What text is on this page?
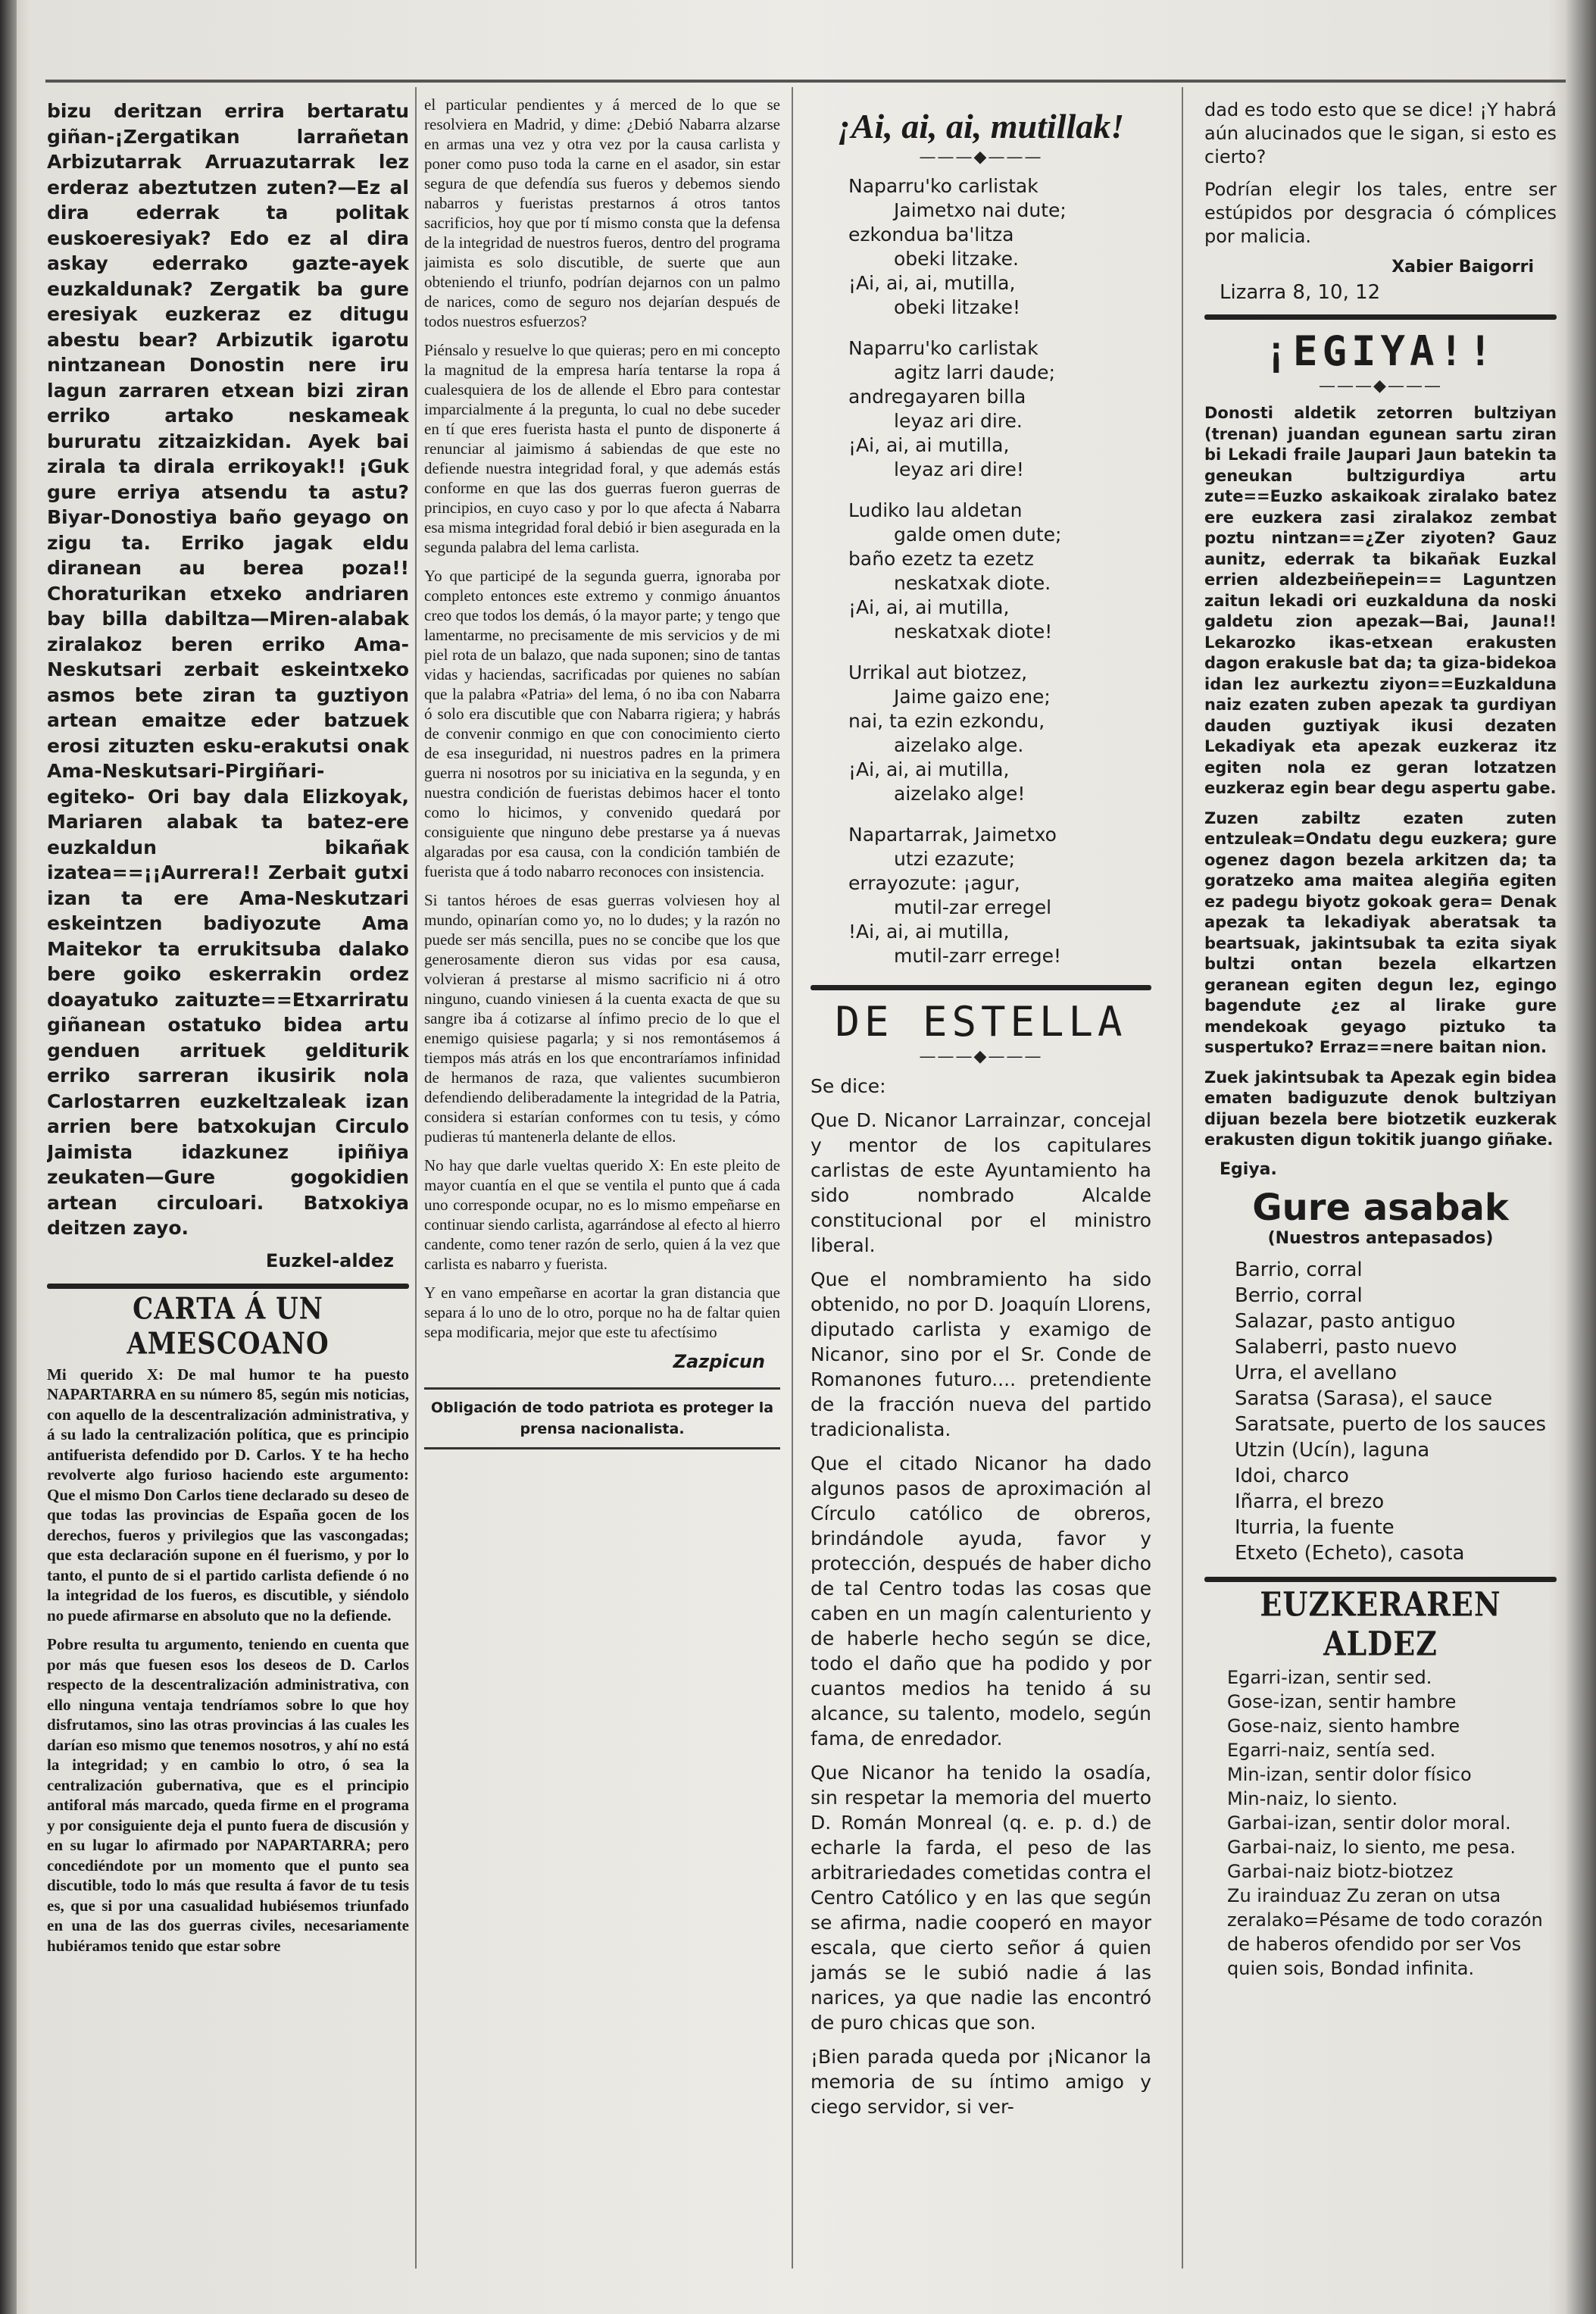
bizu deritzan errira bertaratu giñan-¡Zergatikan larrañetan Arbizutarrak Arruazutarrak lez erderaz abeztutzen zuten?—Ez al dira ederrak ta politak euskoeresiyak? Edo ez al dira askay ederrako gazte-ayek euzkaldunak? Zergatik ba gure eresiyak euzkeraz ez ditugu abestu bear? Arbizutik igarotu nintzanean Donostin nere iru lagun zarraren etxean bizi ziran erriko artako neskameak bururatu zitzaizkidan. Ayek bai zirala ta dirala errikoyak!! ¡Guk gure erriya atsendu ta astu? Biyar-Donostiya baño geyago on zigu ta. Erriko jagak eldu diranean au berea poza!! Choraturikan etxeko andriaren bay billa dabiltza—Miren-alabak ziralakoz beren erriko Ama-Neskutsari zerbait eskeintxeko asmos bete ziran ta guztiyon artean emaitze eder batzuek erosi zituzten esku-erakutsi onak Ama-Neskutsari-Pirgiñari-egiteko- Ori bay dala Elizkoyak, Mariaren alabak ta batez-ere euzkaldun bikañak izatea==¡¡Aurrera!! Zerbait gutxi izan ta ere Ama-Neskutzari eskeintzen badiyozute Ama Maitekor ta errukitsuba dalako bere goiko eskerrakin ordez doayatuko zaituzte==Etxarriratu giñanean ostatuko bidea artu genduen arrituek gelditurik erriko sarreran ikusirik nola Carlostarren euzkeltzaleak izan arrien bere batxokujan Circulo Jaimista idazkunez ipiñiya zeukaten—Gure gogokidien artean circuloari. Batxokiya deitzen zayo.

Euzkel-aldez
CARTA Á UN AMESCOANO

Mi querido X: De mal humor te ha puesto NAPARTARRA en su número 85, según mis noticias, con aquello de la descentralización administrativa, y á su lado la centralización política, que es principio antifuerista defendido por D. Carlos. Y te ha hecho revolverte algo furioso haciendo este argumento: Que el mismo Don Carlos tiene declarado su deseo de que todas las provincias de España gocen de los derechos, fueros y privilegios que las vascongadas; que esta declaración supone en él fuerismo, y por lo tanto, el punto de si el partido carlista defiende ó no la integridad de los fueros, es discutible, y siéndolo no puede afirmarse en absoluto que no la defiende.

Pobre resulta tu argumento, teniendo en cuenta que por más que fuesen esos los deseos de D. Carlos respecto de la descentralización administrativa, con ello ninguna ventaja tendríamos sobre lo que hoy disfrutamos, sino las otras provincias á las cuales les darían eso mismo que tenemos nosotros, y ahí no está la integridad; y en cambio lo otro, ó sea la centralización gubernativa, que es el principio antiforal más marcado, queda firme en el programa y por consiguiente deja el punto fuera de discusión y en su lugar lo afirmado por NAPARTARRA; pero concediéndote por un momento que el punto sea discutible, todo lo más que resulta á favor de tu tesis es, que si por una casualidad hubiésemos triunfado en una de las dos guerras civiles, necesariamente hubiéramos tenido que estar sobre

el particular pendientes y á merced de lo que se resolviera en Madrid, y dime: ¿Debió Nabarra alzarse en armas una vez y otra vez por la causa carlista y poner como puso toda la carne en el asador, sin estar segura de que defendía sus fueros y debemos siendo nabarros y fueristas prestarnos á otros tantos sacrificios, hoy que por tí mismo consta que la defensa de la integridad de nuestros fueros, dentro del programa jaimista es solo discutible, de suerte que aun obteniendo el triunfo, podrían dejarnos con un palmo de narices, como de seguro nos dejarían después de todos nuestros esfuerzos?

Piénsalo y resuelve lo que quieras; pero en mi concepto la magnitud de la empresa haría tentarse la ropa á cualesquiera de los de allende el Ebro para contestar imparcialmente á la pregunta, lo cual no debe suceder en tí que eres fuerista hasta el punto de disponerte á renunciar al jaimismo á sabiendas de que este no defiende nuestra integridad foral, y que además estás conforme en que las dos guerras fueron guerras de principios, en cuyo caso y por lo que afecta á Nabarra esa misma integridad foral debió ir bien asegurada en la segunda palabra del lema carlista.

Yo que participé de la segunda guerra, ignoraba por completo entonces este extremo y conmigo ánuantos creo que todos los demás, ó la mayor parte; y tengo que lamentarme, no precisamente de mis servicios y de mi piel rota de un balazo, que nada suponen; sino de tantas vidas y haciendas, sacrificadas por quienes no sabían que la palabra «Patria» del lema, ó no iba con Nabarra ó solo era discutible que con Nabarra rigiera; y habrás de convenir conmigo en que con conocimiento cierto de esa inseguridad, ni nuestros padres en la primera guerra ni nosotros por su iniciativa en la segunda, y en nuestra condición de fueristas debimos hacer el tonto como lo hicimos, y convenido quedará por consiguiente que ninguno debe prestarse ya á nuevas algaradas por esa causa, con la condición también de fuerista que á todo nabarro reconoces con insistencia.

Si tantos héroes de esas guerras volviesen hoy al mundo, opinarían como yo, no lo dudes; y la razón no puede ser más sencilla, pues no se concibe que los que generosamente dieron sus vidas por esa causa, volvieran á prestarse al mismo sacrificio ni á otro ninguno, cuando viniesen á la cuenta exacta de que su sangre iba á cotizarse al ínfimo precio de lo que el enemigo quisiese pagarla; y si nos remontásemos á tiempos más atrás en los que encontraríamos infinidad de hermanos de raza, que valientes sucumbieron defendiendo deliberadamente la integridad de la Patria, considera si estarían conformes con tu tesis, y cómo pudieras tú mantenerla delante de ellos.

No hay que darle vueltas querido X: En este pleito de mayor cuantía en el que se ventila el punto que á cada uno corresponde ocupar, no es lo mismo empeñarse en continuar siendo carlista, agarrándose al efecto al hierro candente, como tener razón de serlo, quien á la vez que carlista es nabarro y fuerista.

Y en vano empeñarse en acortar la gran distancia que separa á lo uno de lo otro, porque no ha de faltar quien sepa modificaria, mejor que este tu afectísimo

Zazpicun
Obligación de todo patriota es proteger la prensa nacionalista.
¡Ai, ai, ai, mutillak!
———◆———
Naparru'ko carlistak
Jaimetxo nai dute;
ezkondua ba'litza
obeki litzake.
¡Ai, ai, ai, mutilla,
obeki litzake!
Naparru'ko carlistak
agitz larri daude;
andregayaren billa
leyaz ari dire.
¡Ai, ai, ai mutilla,
leyaz ari dire!
Ludiko lau aldetan
galde omen dute;
baño ezetz ta ezetz
neskatxak diote.
¡Ai, ai, ai mutilla,
neskatxak diote!
Urrikal aut biotzez,
Jaime gaizo ene;
nai, ta ezin ezkondu,
aizelako alge.
¡Ai, ai, ai mutilla,
aizelako alge!
Napartarrak, Jaimetxo
utzi ezazute;
errayozute: ¡agur,
mutil-zar erregel
!Ai, ai, ai mutilla,
mutil-zarr errege!
DE ESTELLA
———◆———

Se dice:

Que D. Nicanor Larrainzar, concejal y mentor de los capitulares carlistas de este Ayuntamiento ha sido nombrado Alcalde constitucional por el ministro liberal.

Que el nombramiento ha sido obtenido, no por D. Joaquín Llorens, diputado carlista y examigo de Nicanor, sino por el Sr. Conde de Romanones futuro.... pretendiente de la fracción nueva del partido tradicionalista.

Que el citado Nicanor ha dado algunos pasos de aproximación al Círculo católico de obreros, brindándole ayuda, favor y protección, después de haber dicho de tal Centro todas las cosas que caben en un magín calenturiento y de haberle hecho según se dice, todo el daño que ha podido y por cuantos medios ha tenido á su alcance, su talento, modelo, según fama, de enredador.

Que Nicanor ha tenido la osadía, sin respetar la memoria del muerto D. Román Monreal (q. e. p. d.) de echarle la farda, el peso de las arbitrariedades cometidas contra el Centro Católico y en las que según se afirma, nadie cooperó en mayor escala, que cierto señor á quien jamás se le subió nadie á las narices, ya que nadie las encontró de puro chicas que son.

¡Bien parada queda por ¡Nicanor la memoria de su íntimo amigo y ciego servidor, si ver-

dad es todo esto que se dice! ¡Y habrá aún alucinados que le sigan, si esto es cierto?

Podrían elegir los tales, entre ser estúpidos por desgracia ó cómplices por malicia.

Xabier Baigorri
Lizarra 8, 10, 12
¡EGIYA!!
———◆———

Donosti aldetik zetorren bultziyan (trenan) juandan egunean sartu ziran bi Lekadi fraile Jaupari Jaun batekin ta geneukan bultzigurdiya artu zute==Euzko askaikoak ziralako batez ere euzkera zasi ziralakoz zembat poztu nintzan==¿Zer ziyoten? Gauz aunitz, ederrak ta bikañak Euzkal errien aldezbeiñepein== Laguntzen zaitun lekadi ori euzkalduna da noski galdetu zion apezak—Bai, Jauna!! Lekarozko ikas-etxean erakusten dagon erakusle bat da; ta giza-bidekoa idan lez aurkeztu ziyon==Euzkalduna naiz ezaten zuben apezak ta gurdiyan dauden guztiyak ikusi dezaten Lekadiyak eta apezak euzkeraz itz egiten nola ez geran lotzatzen euzkeraz egin bear degu aspertu gabe.

Zuzen zabiltz ezaten zuten entzuleak=Ondatu degu euzkera; gure ogenez dagon bezela arkitzen da; ta goratzeko ama maitea alegiña egiten ez padegu biyotz gokoak gera= Denak apezak ta lekadiyak aberatsak ta beartsuak, jakintsubak ta ezita siyak bultzi ontan bezela elkartzen geranean egiten degun lez, egingo bagendute ¿ez al lirake gure mendekoak geyago piztuko ta suspertuko? Erraz==nere baitan nion.

Zuek jakintsubak ta Apezak egin bidea ematen badiguzute denok bultziyan dijuan bezela bere biotzetik euzkerak erakusten digun tokitik juango giñake.

Egiya.
Gure asabak
(Nuestros antepasados)
Barrio, corral
Berrio, corral
Salazar, pasto antiguo
Salaberri, pasto nuevo
Urra, el avellano
Saratsa (Sarasa), el sauce
Saratsate, puerto de los sauces
Utzin (Ucín), laguna
Idoi, charco
Iñarra, el brezo
Iturria, la fuente
Etxeto (Echeto), casota
EUZKERAREN ALDEZ
Egarri-izan, sentir sed.
Gose-izan, sentir hambre
Gose-naiz, siento hambre
Egarri-naiz, sentía sed.
Min-izan, sentir dolor físico
Min-naiz, lo siento.
Garbai-izan, sentir dolor moral.
Garbai-naiz, lo siento, me pesa.
Garbai-naiz biotz-biotzez
Zu irainduaz Zu zeran on utsa zeralako=Pésame de todo corazón de haberos ofendido por ser Vos quien sois, Bondad infinita.
